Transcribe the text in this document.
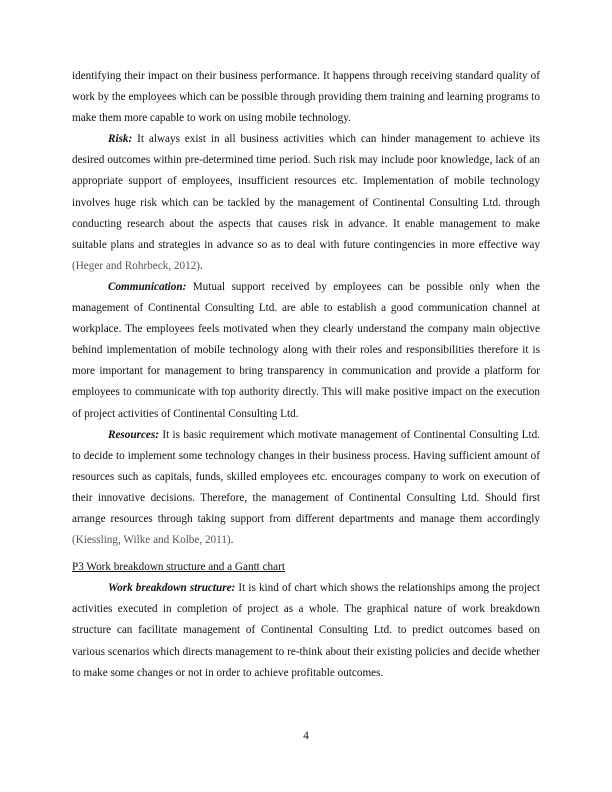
identifying their impact on their business performance. It happens through receiving standard quality of work by the employees which can be possible through providing them training and learning programs to make them more capable to work on using mobile technology.

Risk: It always exist in all business activities which can hinder management to achieve its desired outcomes within pre-determined time period. Such risk may include poor knowledge, lack of an appropriate support of employees, insufficient resources etc. Implementation of mobile technology involves huge risk which can be tackled by the management of Continental Consulting Ltd. through conducting research about the aspects that causes risk in advance. It enable management to make suitable plans and strategies in advance so as to deal with future contingencies in more effective way (Heger and Rohrbeck, 2012).

Communication: Mutual support received by employees can be possible only when the management of Continental Consulting Ltd. are able to establish a good communication channel at workplace. The employees feels motivated when they clearly understand the company main objective behind implementation of mobile technology along with their roles and responsibilities therefore it is more important for management to bring transparency in communication and provide a platform for employees to communicate with top authority directly. This will make positive impact on the execution of project activities of Continental Consulting Ltd.

Resources: It is basic requirement which motivate management of Continental Consulting Ltd. to decide to implement some technology changes in their business process. Having sufficient amount of resources such as capitals, funds, skilled employees etc. encourages company to work on execution of their innovative decisions. Therefore, the management of Continental Consulting Ltd. Should first arrange resources through taking support from different departments and manage them accordingly (Kiessling, Wilke and Kolbe, 2011).

P3 Work breakdown structure and a Gantt chart

Work breakdown structure: It is kind of chart which shows the relationships among the project activities executed in completion of project as a whole. The graphical nature of work breakdown structure can facilitate management of Continental Consulting Ltd. to predict outcomes based on various scenarios which directs management to re-think about their existing policies and decide whether to make some changes or not in order to achieve profitable outcomes.

4
